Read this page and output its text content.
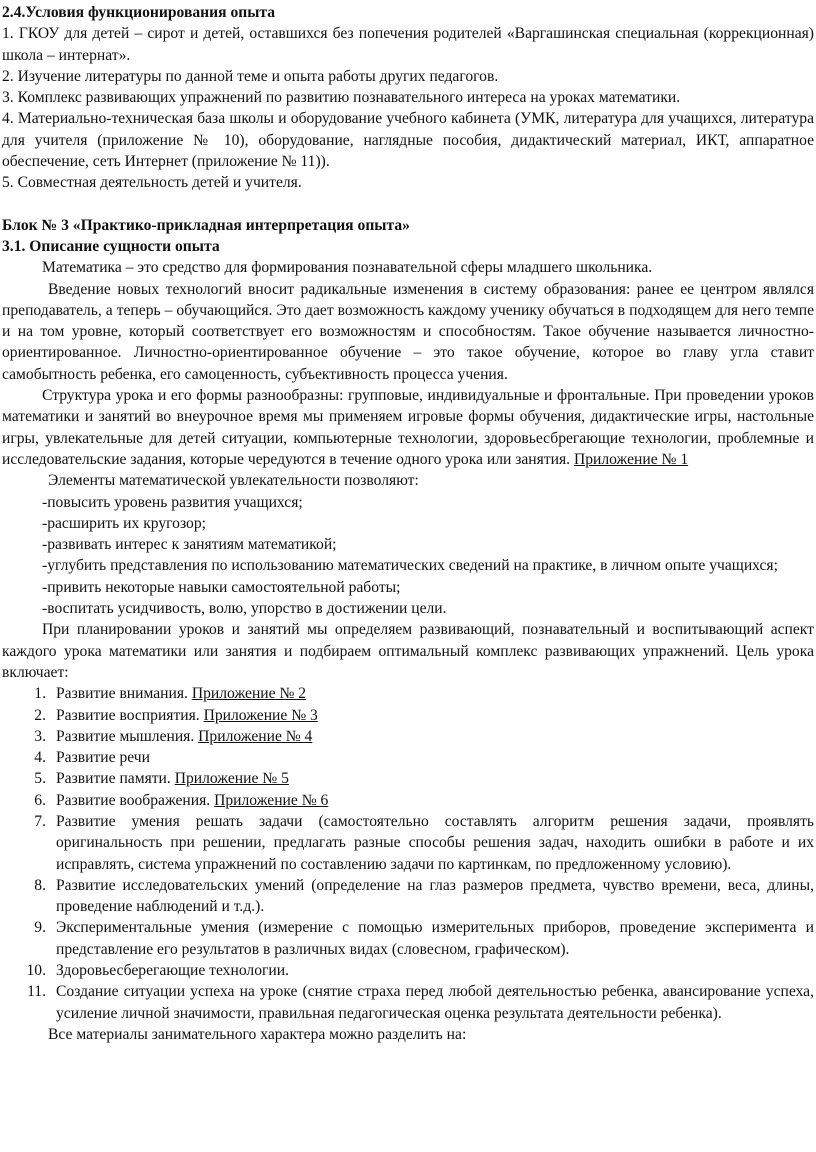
2.4.Условия функционирования опыта

1. ГКОУ для детей – сирот и детей, оставшихся без попечения родителей «Варгашинская специальная (коррекционная) школа – интернат».

2. Изучение литературы по данной теме и опыта работы других педагогов.

3. Комплекс развивающих упражнений по развитию познавательного интереса на уроках математики.

4. Материально-техническая база школы и оборудование учебного кабинета (УМК, литература для учащихся, литература для учителя (приложение № 10), оборудование, наглядные пособия, дидактический материал, ИКТ, аппаратное обеспечение, сеть Интернет (приложение № 11)).

5. Совместная деятельность детей и учителя.

Блок № 3 «Практико-прикладная интерпретация опыта»

3.1. Описание сущности опыта

Математика – это средство для формирования познавательной сферы младшего школьника.

Введение новых технологий вносит радикальные изменения в систему образования: ранее ее центром являлся преподаватель, а теперь – обучающийся. Это дает возможность каждому ученику обучаться в подходящем для него темпе и на том уровне, который соответствует его возможностям и способностям. Такое обучение называется личностно-ориентированное. Личностно-ориентированное обучение – это такое обучение, которое во главу угла ставит самобытность ребенка, его самоценность, субъективность процесса учения.

Структура урока и его формы разнообразны: групповые, индивидуальные и фронтальные. При проведении уроков математики и занятий во внеурочное время мы применяем игровые формы обучения, дидактические игры, настольные игры, увлекательные для детей ситуации, компьютерные технологии, здоровьесбрегающие технологии, проблемные и исследовательские задания, которые чередуются в течение одного урока или занятия. Приложение № 1

Элементы математической увлекательности позволяют:

-повысить уровень развития учащихся;

-расширить их кругозор;

-развивать интерес к занятиям математикой;

-углубить представления по использованию математических сведений на практике, в личном опыте учащихся;

-привить некоторые навыки самостоятельной работы;

-воспитать усидчивость, волю, упорство в достижении цели.

При планировании уроков и занятий мы определяем развивающий, познавательный и воспитывающий аспект каждого урока математики или занятия и подбираем оптимальный комплекс развивающих упражнений. Цель урока включает:

1. Развитие внимания. Приложение № 2
2. Развитие восприятия. Приложение № 3
3. Развитие мышления. Приложение № 4
4. Развитие речи
5. Развитие памяти. Приложение № 5
6. Развитие воображения. Приложение № 6
7. Развитие умения решать задачи (самостоятельно составлять алгоритм решения задачи, проявлять оригинальность при решении, предлагать разные способы решения задач, находить ошибки в работе и их исправлять, система упражнений по составлению задачи по картинкам, по предложенному условию).
8. Развитие исследовательских умений (определение на глаз размеров предмета, чувство времени, веса, длины, проведение наблюдений и т.д.).
9. Экспериментальные умения (измерение с помощью измерительных приборов, проведение эксперимента и представление его результатов в различных видах (словесном, графическом).
10. Здоровьесберегающие технологии.
11. Создание ситуации успеха на уроке (снятие страха перед любой деятельностью ребенка, авансирование успеха, усиление личной значимости, правильная педагогическая оценка результата деятельности ребенка).

Все материалы занимательного характера можно разделить на:
